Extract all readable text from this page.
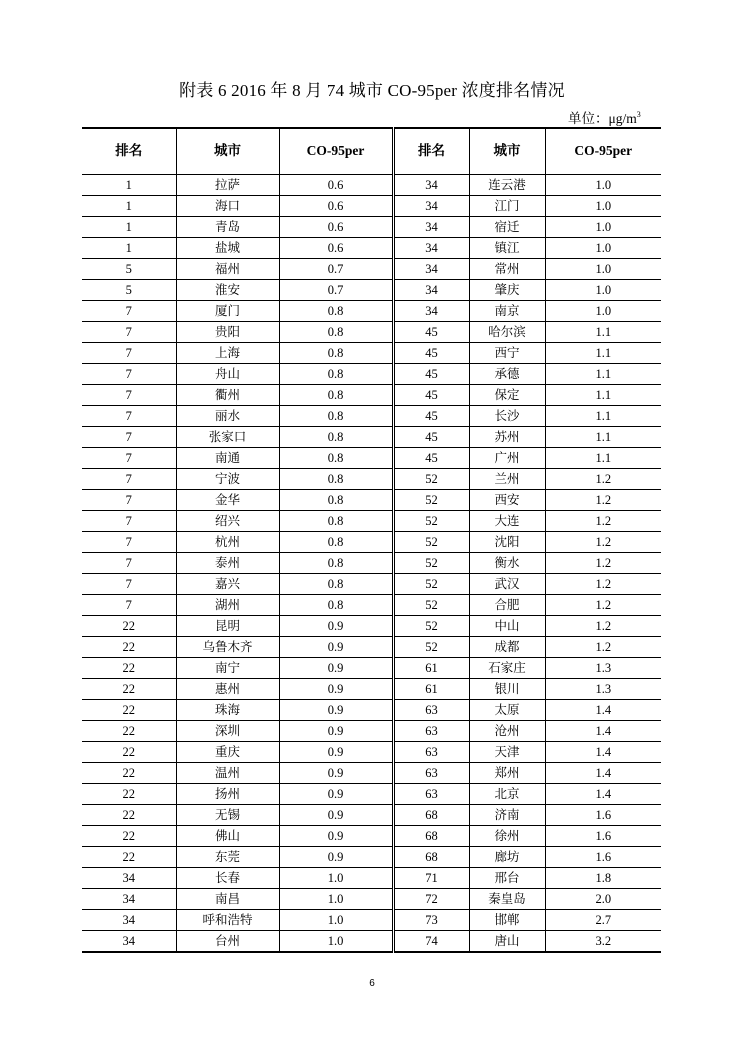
附表 6 2016 年 8 月 74 城市 CO-95per 浓度排名情况
单位：$\mu g/m^3$
排名	城市	CO-95per	排名	城市	CO-95per
1	拉萨	0.6	34	连云港	1.0
1	海口	0.6	34	江门	1.0
1	青岛	0.6	34	宿迁	1.0
1	盐城	0.6	34	镇江	1.0
5	福州	0.7	34	常州	1.0
5	淮安	0.7	34	肇庆	1.0
7	厦门	0.8	34	南京	1.0
7	贵阳	0.8	45	哈尔滨	1.1
7	上海	0.8	45	西宁	1.1
7	舟山	0.8	45	承德	1.1
7	衢州	0.8	45	保定	1.1
7	丽水	0.8	45	长沙	1.1
7	张家口	0.8	45	苏州	1.1
7	南通	0.8	45	广州	1.1
7	宁波	0.8	52	兰州	1.2
7	金华	0.8	52	西安	1.2
7	绍兴	0.8	52	大连	1.2
7	杭州	0.8	52	沈阳	1.2
7	泰州	0.8	52	衡水	1.2
7	嘉兴	0.8	52	武汉	1.2
7	湖州	0.8	52	合肥	1.2
22	昆明	0.9	52	中山	1.2
22	乌鲁木齐	0.9	52	成都	1.2
22	南宁	0.9	61	石家庄	1.3
22	惠州	0.9	61	银川	1.3
22	珠海	0.9	63	太原	1.4
22	深圳	0.9	63	沧州	1.4
22	重庆	0.9	63	天津	1.4
22	温州	0.9	63	郑州	1.4
22	扬州	0.9	63	北京	1.4
22	无锡	0.9	68	济南	1.6
22	佛山	0.9	68	徐州	1.6
22	东莞	0.9	68	廊坊	1.6
34	长春	1.0	71	邢台	1.8
34	南昌	1.0	72	秦皇岛	2.0
34	呼和浩特	1.0	73	邯郸	2.7
34	台州	1.0	74	唐山	3.2
6
